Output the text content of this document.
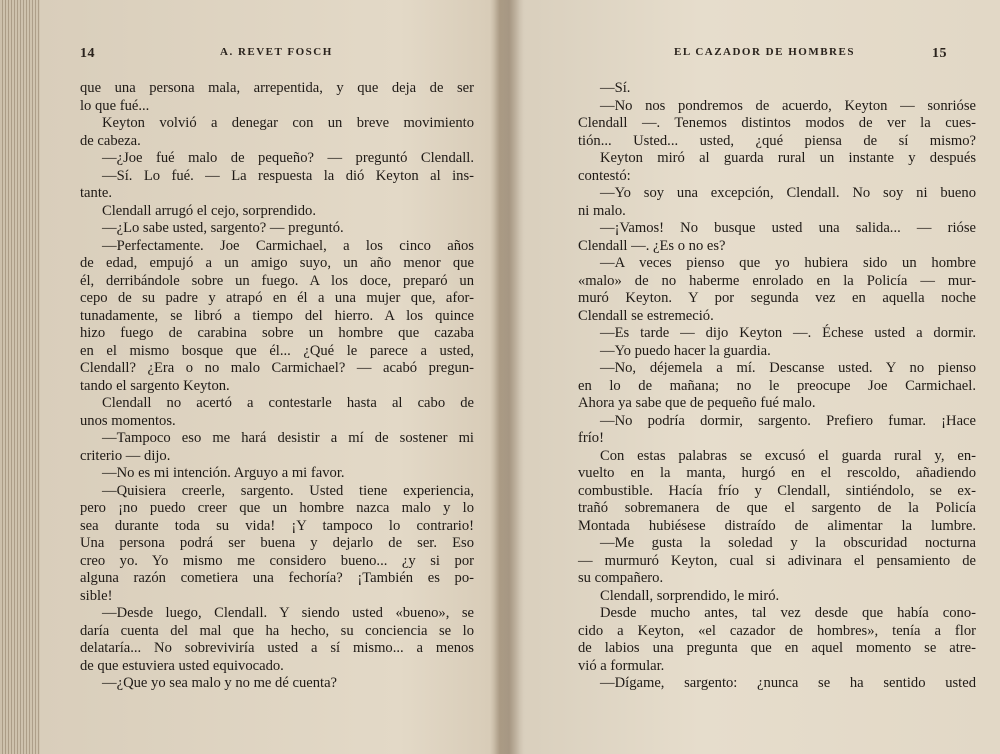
14	A. REVET FOSCH
que una persona mala, arrepentida, y que deja de ser
lo que fué...
Keyton volvió a denegar con un breve movimiento
de cabeza.
—¿Joe fué malo de pequeño? — preguntó Clendall.
—Sí. Lo fué. — La respuesta la dió Keyton al ins-
tante.
Clendall arrugó el cejo, sorprendido.
—¿Lo sabe usted, sargento? — preguntó.
—Perfectamente. Joe Carmichael, a los cinco años
de edad, empujó a un amigo suyo, un año menor que
él, derribándole sobre un fuego. A los doce, preparó un
cepo de su padre y atrapó en él a una mujer que, afor-
tunadamente, se libró a tiempo del hierro. A los quince
hizo fuego de carabina sobre un hombre que cazaba
en el mismo bosque que él... ¿Qué le parece a usted,
Clendall? ¿Era o no malo Carmichael? — acabó pregun-
tando el sargento Keyton.
Clendall no acertó a contestarle hasta al cabo de
unos momentos.
—Tampoco eso me hará desistir a mí de sostener mi
criterio — dijo.
—No es mi intención. Arguyo a mi favor.
—Quisiera creerle, sargento. Usted tiene experiencia,
pero ¡no puedo creer que un hombre nazca malo y lo
sea durante toda su vida! ¡Y tampoco lo contrario!
Una persona podrá ser buena y dejarlo de ser. Eso
creo yo. Yo mismo me considero bueno... ¿y si por
alguna razón cometiera una fechoría? ¡También es po-
sible!
—Desde luego, Clendall. Y siendo usted «bueno», se
daría cuenta del mal que ha hecho, su conciencia se lo
delataría... No sobreviviría usted a sí mismo... a menos
de que estuviera usted equivocado.
—¿Que yo sea malo y no me dé cuenta?
EL CAZADOR DE HOMBRES	15
—Sí.
—No nos pondremos de acuerdo, Keyton — sonrióse
Clendall —. Tenemos distintos modos de ver la cues-
tión... Usted... usted, ¿qué piensa de sí mismo?
Keyton miró al guarda rural un instante y después
contestó:
—Yo soy una excepción, Clendall. No soy ni bueno
ni malo.
—¡Vamos! No busque usted una salida... — rióse
Clendall —. ¿Es o no es?
—A veces pienso que yo hubiera sido un hombre
«malo» de no haberme enrolado en la Policía — mur-
muró Keyton. Y por segunda vez en aquella noche
Clendall se estremeció.
—Es tarde — dijo Keyton —. Échese usted a dormir.
—Yo puedo hacer la guardia.
—No, déjemela a mí. Descanse usted. Y no pienso
en lo de mañana; no le preocupe Joe Carmichael.
Ahora ya sabe que de pequeño fué malo.
—No podría dormir, sargento. Prefiero fumar. ¡Hace
frío!
Con estas palabras se excusó el guarda rural y, en-
vuelto en la manta, hurgó en el rescoldo, añadiendo
combustible. Hacía frío y Clendall, sintiéndolo, se ex-
trañó sobremanera de que el sargento de la Policía
Montada hubiésese distraído de alimentar la lumbre.
—Me gusta la soledad y la obscuridad nocturna
— murmuró Keyton, cual si adivinara el pensamiento de
su compañero.
Clendall, sorprendido, le miró.
Desde mucho antes, tal vez desde que había cono-
cido a Keyton, «el cazador de hombres», tenía a flor
de labios una pregunta que en aquel momento se atre-
vió a formular.
—Dígame, sargento: ¿nunca se ha sentido usted
